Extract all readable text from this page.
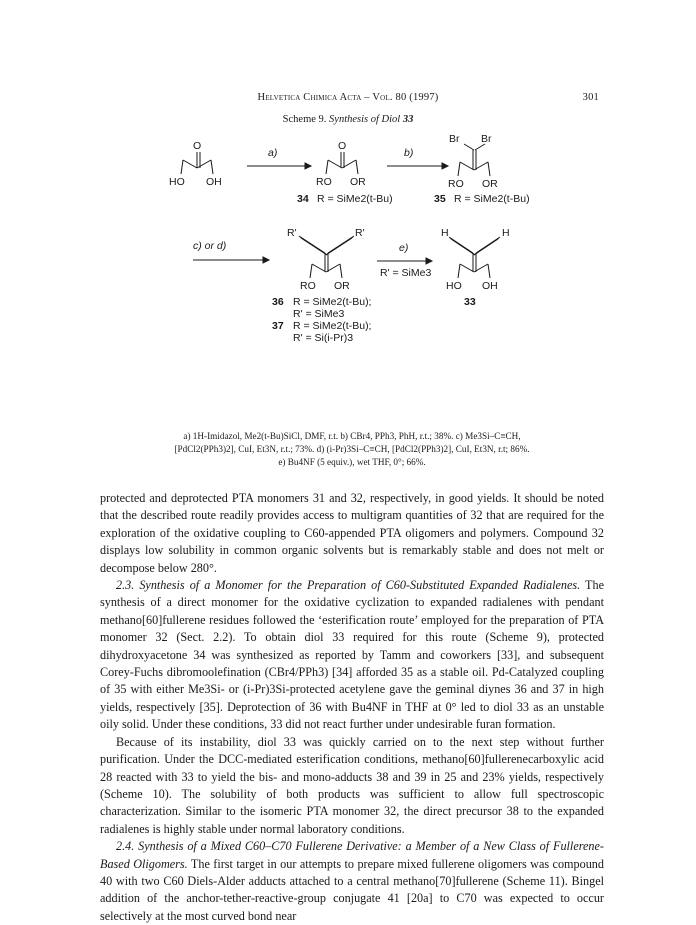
Helvetica Chimica Acta – Vol. 80 (1997)	301
Scheme 9. Synthesis of Diol 33
O
HO OH
a)
O
RO OR
b)
Br Br
RO OR
34 R = SiMe2(t-Bu)	35 R = SiMe2(t-Bu)
c) or d)
R'	R'
RO OR
e)
R' = SiMe3
H	H
HO OH
36 R = SiMe2(t-Bu);
R' = SiMe3
37 R = SiMe2(t-Bu);
R' = Si(i-Pr)3
33
a) 1H-Imidazol, Me2(t-Bu)SiCl, DMF, r.t. b) CBr4, PPh3, PhH, r.t.; 38%. c) Me3Si–C≡CH,
[PdCl2(PPh3)2], CuI, Et3N, r.t.; 73%. d) (i-Pr)3Si–C≡CH, [PdCl2(PPh3)2], CuI, Et3N, r.t; 86%.
e) Bu4NF (5 equiv.), wet THF, 0°; 66%.

protected and deprotected PTA monomers 31 and 32, respectively, in good yields. It should be noted that the described route readily provides access to multigram quantities of 32 that are required for the exploration of the oxidative coupling to C60-appended PTA oligomers and polymers. Compound 32 displays low solubility in common organic solvents but is remarkably stable and does not melt or decompose below 280°.

2.3. Synthesis of a Monomer for the Preparation of C60-Substituted Expanded Radialenes. The synthesis of a direct monomer for the oxidative cyclization to expanded radialenes with pendant methano[60]fullerene residues followed the ‘esterification route’ employed for the preparation of PTA monomer 32 (Sect. 2.2). To obtain diol 33 required for this route (Scheme 9), protected dihydroxyacetone 34 was synthesized as reported by Tamm and coworkers [33], and subsequent Corey-Fuchs dibromoolefination (CBr4/PPh3) [34] afforded 35 as a stable oil. Pd-Catalyzed coupling of 35 with either Me3Si- or (i-Pr)3Si-protected acetylene gave the geminal diynes 36 and 37 in high yields, respectively [35]. Deprotection of 36 with Bu4NF in THF at 0° led to diol 33 as an unstable oily solid. Under these conditions, 33 did not react further under undesirable furan formation.

Because of its instability, diol 33 was quickly carried on to the next step without further purification. Under the DCC-mediated esterification conditions, methano[60]fullerenecarboxylic acid 28 reacted with 33 to yield the bis- and mono-adducts 38 and 39 in 25 and 23% yields, respectively (Scheme 10). The solubility of both products was sufficient to allow full spectroscopic characterization. Similar to the isomeric PTA monomer 32, the direct precursor 38 to the expanded radialenes is highly stable under normal laboratory conditions.

2.4. Synthesis of a Mixed C60–C70 Fullerene Derivative: a Member of a New Class of Fullerene-Based Oligomers. The first target in our attempts to prepare mixed fullerene oligomers was compound 40 with two C60 Diels-Alder adducts attached to a central methano[70]fullerene (Scheme 11). Bingel addition of the anchor-tether-reactive-group conjugate 41 [20a] to C70 was expected to occur selectively at the most curved bond near
